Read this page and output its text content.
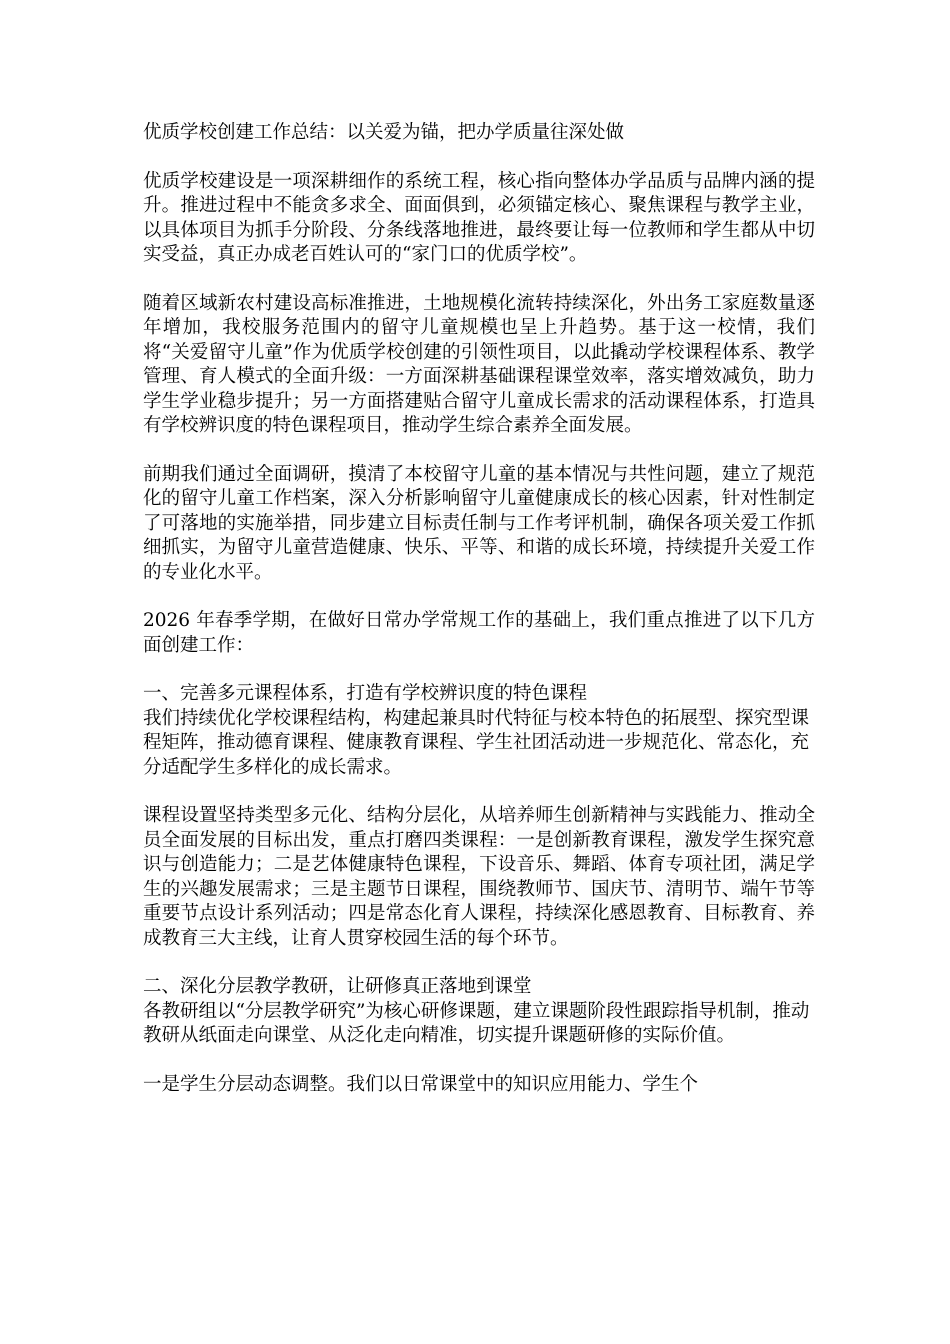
优质学校创建工作总结：以关爱为锚，把办学质量往深处做

优质学校建设是一项深耕细作的系统工程，核心指向整体办学品质与品牌内涵的提升。推进过程中不能贪多求全、面面俱到，必须锚定核心、聚焦课程与教学主业，以具体项目为抓手分阶段、分条线落地推进，最终要让每一位教师和学生都从中切实受益，真正办成老百姓认可的“家门口的优质学校”。

随着区域新农村建设高标准推进，土地规模化流转持续深化，外出务工家庭数量逐年增加，我校服务范围内的留守儿童规模也呈上升趋势。基于这一校情，我们将“关爱留守儿童”作为优质学校创建的引领性项目，以此撬动学校课程体系、教学管理、育人模式的全面升级：一方面深耕基础课程课堂效率，落实增效减负，助力学生学业稳步提升；另一方面搭建贴合留守儿童成长需求的活动课程体系，打造具有学校辨识度的特色课程项目，推动学生综合素养全面发展。

前期我们通过全面调研，摸清了本校留守儿童的基本情况与共性问题，建立了规范化的留守儿童工作档案，深入分析影响留守儿童健康成长的核心因素，针对性制定了可落地的实施举措，同步建立目标责任制与工作考评机制，确保各项关爱工作抓细抓实，为留守儿童营造健康、快乐、平等、和谐的成长环境，持续提升关爱工作的专业化水平。

2026 年春季学期，在做好日常办学常规工作的基础上，我们重点推进了以下几方面创建工作：

一、完善多元课程体系，打造有学校辨识度的特色课程

我们持续优化学校课程结构，构建起兼具时代特征与校本特色的拓展型、探究型课程矩阵，推动德育课程、健康教育课程、学生社团活动进一步规范化、常态化，充分适配学生多样化的成长需求。

课程设置坚持类型多元化、结构分层化，从培养师生创新精神与实践能力、推动全员全面发展的目标出发，重点打磨四类课程：一是创新教育课程，激发学生探究意识与创造能力；二是艺体健康特色课程，下设音乐、舞蹈、体育专项社团，满足学生的兴趣发展需求；三是主题节日课程，围绕教师节、国庆节、清明节、端午节等重要节点设计系列活动；四是常态化育人课程，持续深化感恩教育、目标教育、养成教育三大主线，让育人贯穿校园生活的每个环节。

二、深化分层教学教研，让研修真正落地到课堂

各教研组以“分层教学研究”为核心研修课题，建立课题阶段性跟踪指导机制，推动教研从纸面走向课堂、从泛化走向精准，切实提升课题研修的实际价值。

一是学生分层动态调整。我们以日常课堂中的知识应用能力、学生个
